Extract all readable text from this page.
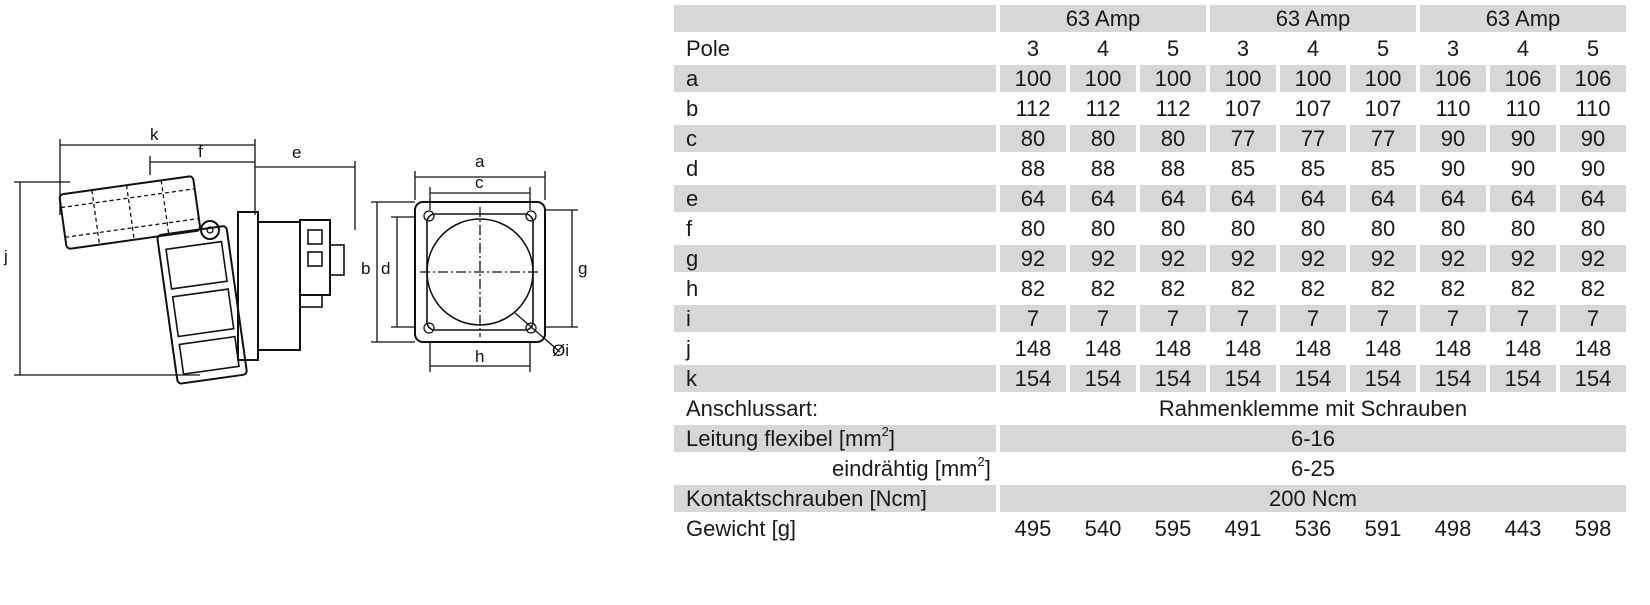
k
f	e
j
a
c
b d	g
h	Øi
	63 Amp			63 Amp			63 Amp		
Pole	3	4	5	3	4	5	3	4	5
a	100	100	100	100	100	100	106	106	106
b	112	112	112	107	107	107	110	110	110
c	80	80	80	77	77	77	90	90	90
d	88	88	88	85	85	85	90	90	90
e	64	64	64	64	64	64	64	64	64
f	80	80	80	80	80	80	80	80	80
g	92	92	92	92	92	92	92	92	92
h	82	82	82	82	82	82	82	82	82
i	7	7	7	7	7	7	7	7	7
j	148	148	148	148	148	148	148	148	148
k	154	154	154	154	154	154	154	154	154
Anschlussart:	Rahmenklemme mit Schrauben								
Leitung flexibel $[mm^2]$	6-16								
eindrähtig $[mm^2]$	6-25								
Kontaktschrauben [Ncm]	200 Ncm								
Gewicht [g]	495	540	595	491	536	591	498	443	598
